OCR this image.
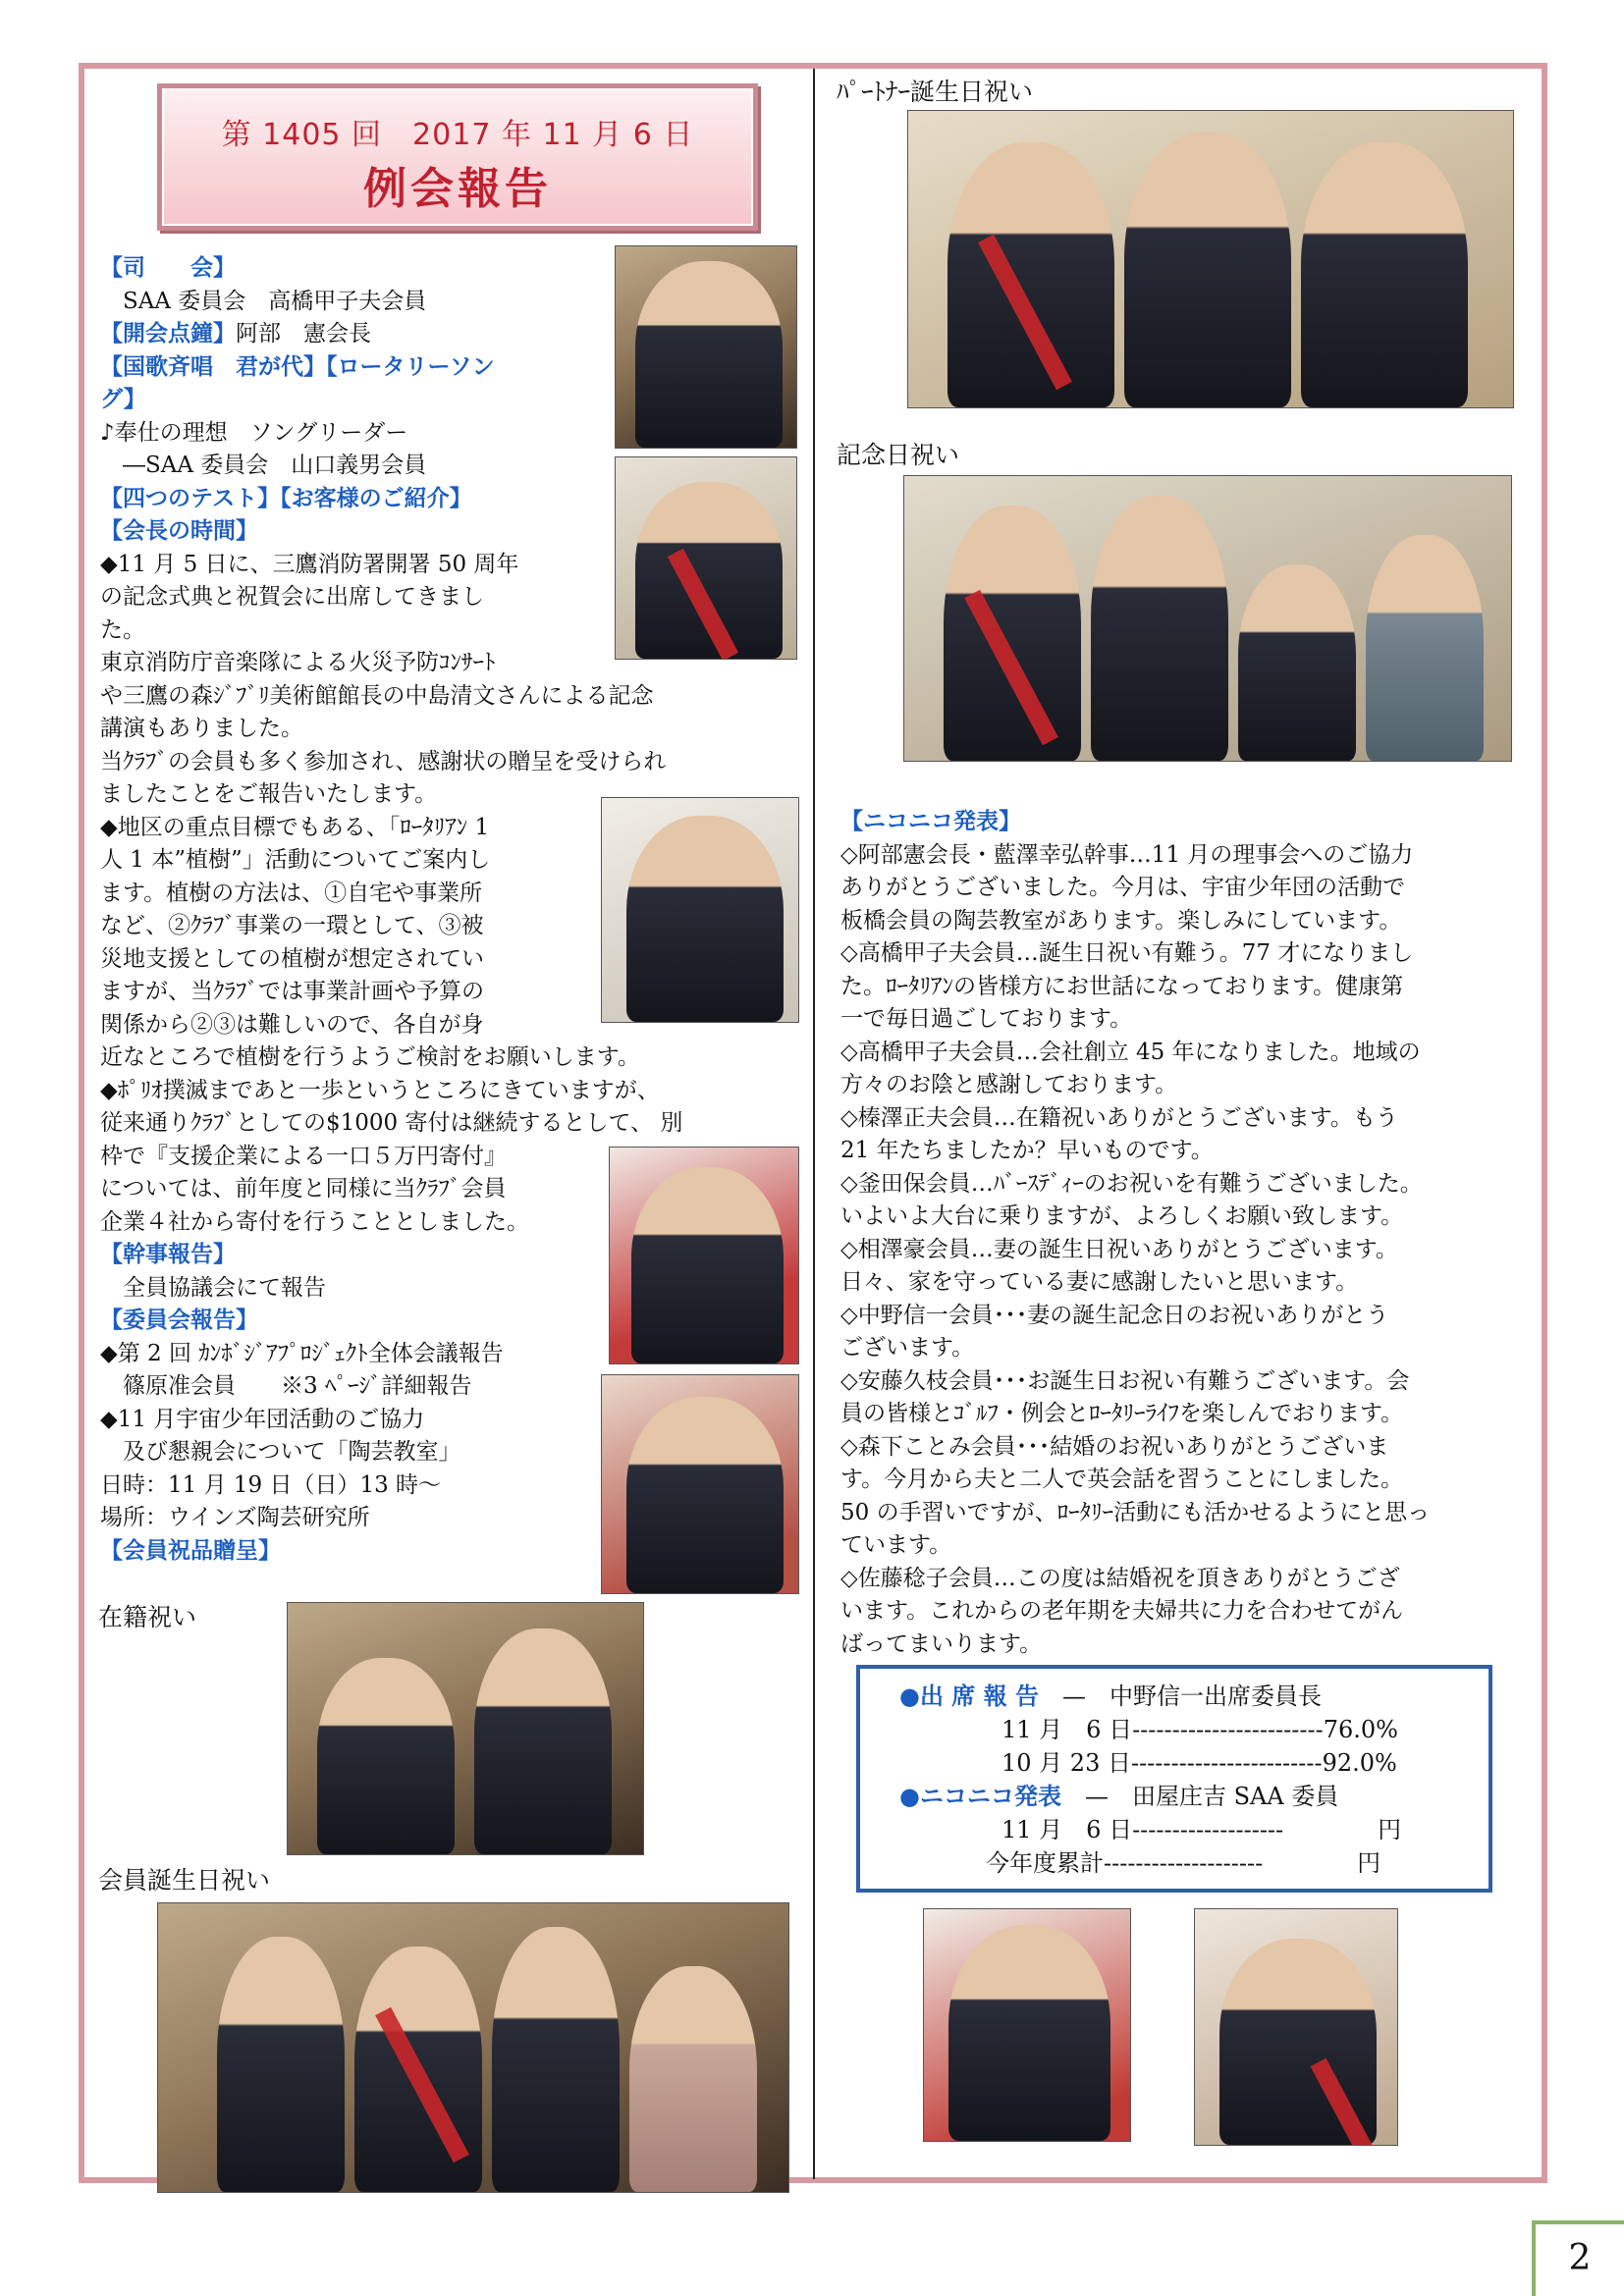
第 1405 回　2017 年 11 月 6 日
例会報告
【司　　会】
　SAA 委員会　高橋甲子夫会員
【開会点鐘】阿部　憲会長
【国歌斉唱　君が代】【ロータリーソン
グ】
♪奉仕の理想　ソングリーダー
　―SAA 委員会　山口義男会員
【四つのテスト】【お客様のご紹介】
【会長の時間】
◆11 月 5 日に、三鷹消防署開署 50 周年
の記念式典と祝賀会に出席してきまし
た。
東京消防庁音楽隊による火災予防ｺﾝｻｰﾄ
や三鷹の森ｼﾞﾌﾞﾘ美術館館長の中島清文さんによる記念
講演もありました。
当ｸﾗﾌﾞの会員も多く参加され、感謝状の贈呈を受けられ
ましたことをご報告いたします。
◆地区の重点目標でもある、「ﾛｰﾀﾘｱﾝ 1
人 1 本”植樹”」活動についてご案内し
ます。植樹の方法は、①自宅や事業所
など、②ｸﾗﾌﾞ事業の一環として、③被
災地支援としての植樹が想定されてい
ますが、当ｸﾗﾌﾞでは事業計画や予算の
関係から②③は難しいので、各自が身
近なところで植樹を行うようご検討をお願いします。
◆ﾎﾟﾘｵ撲滅まであと一歩というところにきていますが、
従来通りｸﾗﾌﾞとしての$1000 寄付は継続するとして、 別
枠で『支援企業による一口５万円寄付』
については、前年度と同様に当ｸﾗﾌﾞ会員
企業４社から寄付を行うこととしました。
【幹事報告】
　全員協議会にて報告
【委員会報告】
◆第 2 回 ｶﾝﾎﾞｼﾞｱﾌﾟﾛｼﾞｪｸﾄ全体会議報告
　篠原准会員　　※3 ﾍﾟｰｼﾞ詳細報告
◆11 月宇宙少年団活動のご協力
　及び懇親会について「陶芸教室」
日時：11 月 19 日（日）13 時～
場所：ウインズ陶芸研究所
【会員祝品贈呈】
在籍祝い
会員誕生日祝い
ﾊﾟｰﾄﾅｰ誕生日祝い
記念日祝い
【ニコニコ発表】
◇阿部憲会長・藍澤幸弘幹事…11 月の理事会へのご協力
ありがとうございました。今月は、宇宙少年団の活動で
板橋会員の陶芸教室があります。楽しみにしています。
◇高橋甲子夫会員…誕生日祝い有難う。77 才になりまし
た。ﾛｰﾀﾘｱﾝの皆様方にお世話になっております。健康第
一で毎日過ごしております。
◇高橋甲子夫会員…会社創立 45 年になりました。地域の
方々のお陰と感謝しております。
◇榛澤正夫会員…在籍祝いありがとうございます。もう
21 年たちましたか？早いものです。
◇釜田保会員…ﾊﾞｰｽﾃﾞｨｰのお祝いを有難うございました。
いよいよ大台に乗りますが、よろしくお願い致します。
◇相澤豪会員…妻の誕生日祝いありがとうございます。
日々、家を守っている妻に感謝したいと思います。
◇中野信一会員･･･妻の誕生記念日のお祝いありがとう
ございます。
◇安藤久枝会員･･･お誕生日お祝い有難うございます。会
員の皆様とｺﾞﾙﾌ・例会とﾛｰﾀﾘｰﾗｲﾌを楽しんでおります。
◇森下ことみ会員･･･結婚のお祝いありがとうございま
す。今月から夫と二人で英会話を習うことにしました。
50 の手習いですが、ﾛｰﾀﾘｰ活動にも活かせるようにと思っ
ています。
◇佐藤稔子会員…この度は結婚祝を頂きありがとうござ
います。これからの老年期を夫婦共に力を合わせてがん
ばってまいります。
●出 席 報 告　 —　 中野信一出席委員長
11 月　6 日------------------------76.0%
10 月 23 日------------------------92.0%
●ニコニコ発表　 —　 田屋庄吉 SAA 委員
11 月　6 日-------------------　　　　円
今年度累計--------------------　　　　円
2
